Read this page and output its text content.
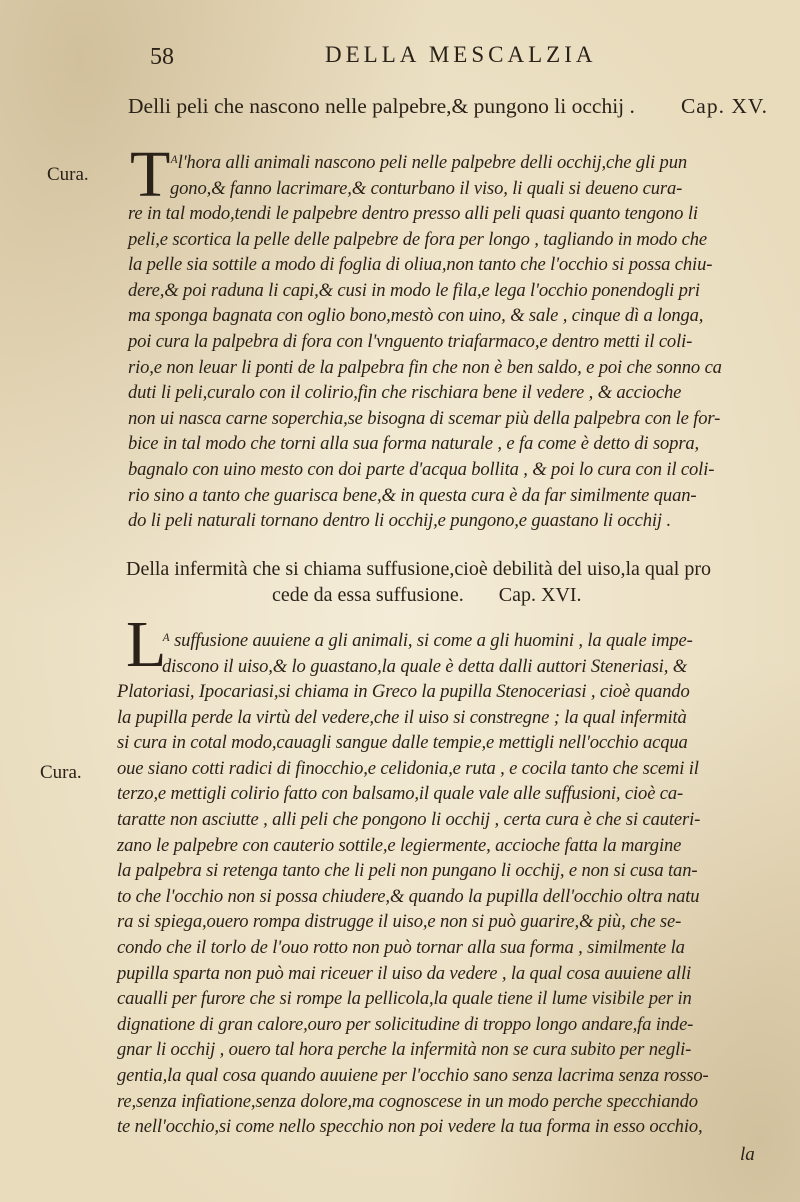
58	DELLA MESCALZIA
Delli peli che nascono nelle palpebre,& pungono li occhij . Cap. XV.
Cura. T ᴬl'hora alli animali nascono peli nelle palpebre delli occhij,che gli pun
gono,& fanno lacrimare,& conturbano il viso, li quali si deueno cura-
re in tal modo,tendi le palpebre dentro presso alli peli quasi quanto tengono li
peli,e scortica la pelle delle palpebre de fora per longo , tagliando in modo che
la pelle sia sottile a modo di foglia di oliua,non tanto che l'occhio si possa chiu-
dere,& poi raduna li capi,& cusi in modo le fila,e lega l'occhio ponendogli pri
ma sponga bagnata con oglio bono,mestò con uino, & sale , cinque dì a longa,
poi cura la palpebra di fora con l'vnguento triafarmaco,e dentro metti il coli-
rio,e non leuar li ponti de la palpebra fin che non è ben saldo, e poi che sonno ca
duti li peli,curalo con il colirio,fin che rischiara bene il vedere , & accioche
non ui nasca carne soperchia,se bisogna di scemar più della palpebra con le for-
bice in tal modo che torni alla sua forma naturale , e fa come è detto di sopra,
bagnalo con uino mesto con doi parte d'acqua bollita , & poi lo cura con il coli-
rio sino a tanto che guarisca bene,& in questa cura è da far similmente quan-
do li peli naturali tornano dentro li occhij,e pungono,e guastano li occhij .
Della infermità che si chiama suffusione,cioè debilità del uiso,la qual pro
cede da essa suffusione. Cap. XVI.
L
ᴬ suffusione auuiene a gli animali, si come a gli huomini , la quale impe-
discono il uiso,& lo guastano,la quale è detta dalli auttori Steneriasi, &
Platoriasi, Ipocariasi,si chiama in Greco la pupilla Stenoceriasi , cioè quando
la pupilla perde la virtù del vedere,che il uiso si constregne ; la qual infermità
si cura in cotal modo,cauagli sangue dalle tempie,e mettigli nell'occhio acqua
oue siano cotti radici di finocchio,e celidonia,e ruta , e cocila tanto che scemi il
terzo,e mettigli colirio fatto con balsamo,il quale vale alle suffusioni, cioè ca-
taratte non asciutte , alli peli che pongono li occhij , certa cura è che si cauteri-
zano le palpebre con cauterio sottile,e legiermente, accioche fatta la margine
la palpebra si retenga tanto che li peli non pungano li occhij, e non si cusa tan-
to che l'occhio non si possa chiudere,& quando la pupilla dell'occhio oltra natu
ra si spiega,ouero rompa distrugge il uiso,e non si può guarire,& più, che se-
condo che il torlo de l'ouo rotto non può tornar alla sua forma , similmente la
pupilla sparta non può mai riceuer il uiso da vedere , la qual cosa auuiene alli
caualli per furore che si rompe la pellicola,la quale tiene il lume visibile per in
dignatione di gran calore,ouro per solicitudine di troppo longo andare,fa inde-
gnar li occhij , ouero tal hora perche la infermità non se cura subito per negli-
gentia,la qual cosa quando auuiene per l'occhio sano senza lacrima senza rosso-
re,senza infiatione,senza dolore,ma cognoscese in un modo perche specchiando
te nell'occhio,si come nello specchio non poi vedere la tua forma in esso occhio,
Cura.
la
